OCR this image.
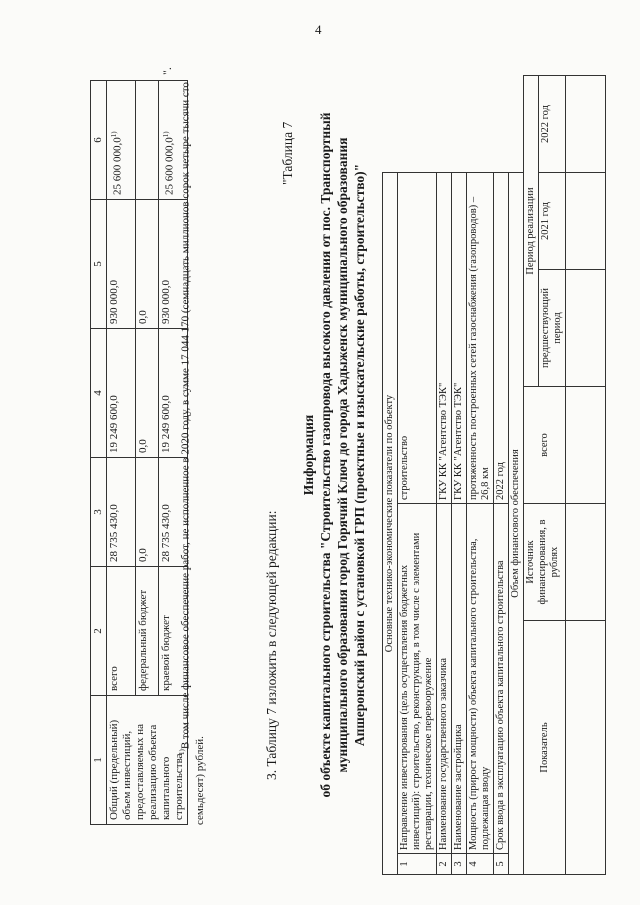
4
1	2	3	4	5	6
Общий (предельный) объем инвестиций, предоставляемых на реализацию объекта капитального строительства	всего	28 735 430,0	19 249 600,0	930 000,0	25 600 000,0$^{1)}$
	федеральный бюджет	0,0	0,0	0,0	
	краевой бюджет	28 735 430,0	19 249 600,0	930 000,0	25 600 000,0$^{1)}$
$^{1)}$В том числе финансовое обеспечение работ, не исполненное в 2020 году, в сумме 17 044 170 (семнадцать миллионов сорок четыре тысячи сто семьдесят) рублей.
".
3. Таблицу 7 изложить в следующей редакции:
"Таблица 7
Информация об объекте капитального строительства "Строительство газопровода высокого давления от пос. Транспортный муниципального образования город Горячий Ключ до города Хадыженск муниципального образования Апшеронский район с установкой ГРП (проектные и изыскательские работы, строительство)" Основные технико-экономические показатели по объекту						
1	Направление инвестирования (цель осуществления бюджетных инвестиций): строительство, реконструкция, в том числе с элементами реставрации, техническое перевооружение		строительство			
2	Наименование государственного заказчика		ГКУ КК "Агентство ТЭК"			
3	Наименование застройщика		ГКУ КК "Агентство ТЭК"			
4	Мощность (прирост мощности) объекта капитального строительства, подлежащая вводу		протяженность построенных сетей газоснабжения (газопроводов) – 26,8 км			
5	Срок ввода в эксплуатацию объекта капитального строительства		2022 год			
Объем финансового обеспечения						
Показатель		Источник финансирования, в рублях	всего	Период реализации		
				предшествующий период	2021 год	2022 год
